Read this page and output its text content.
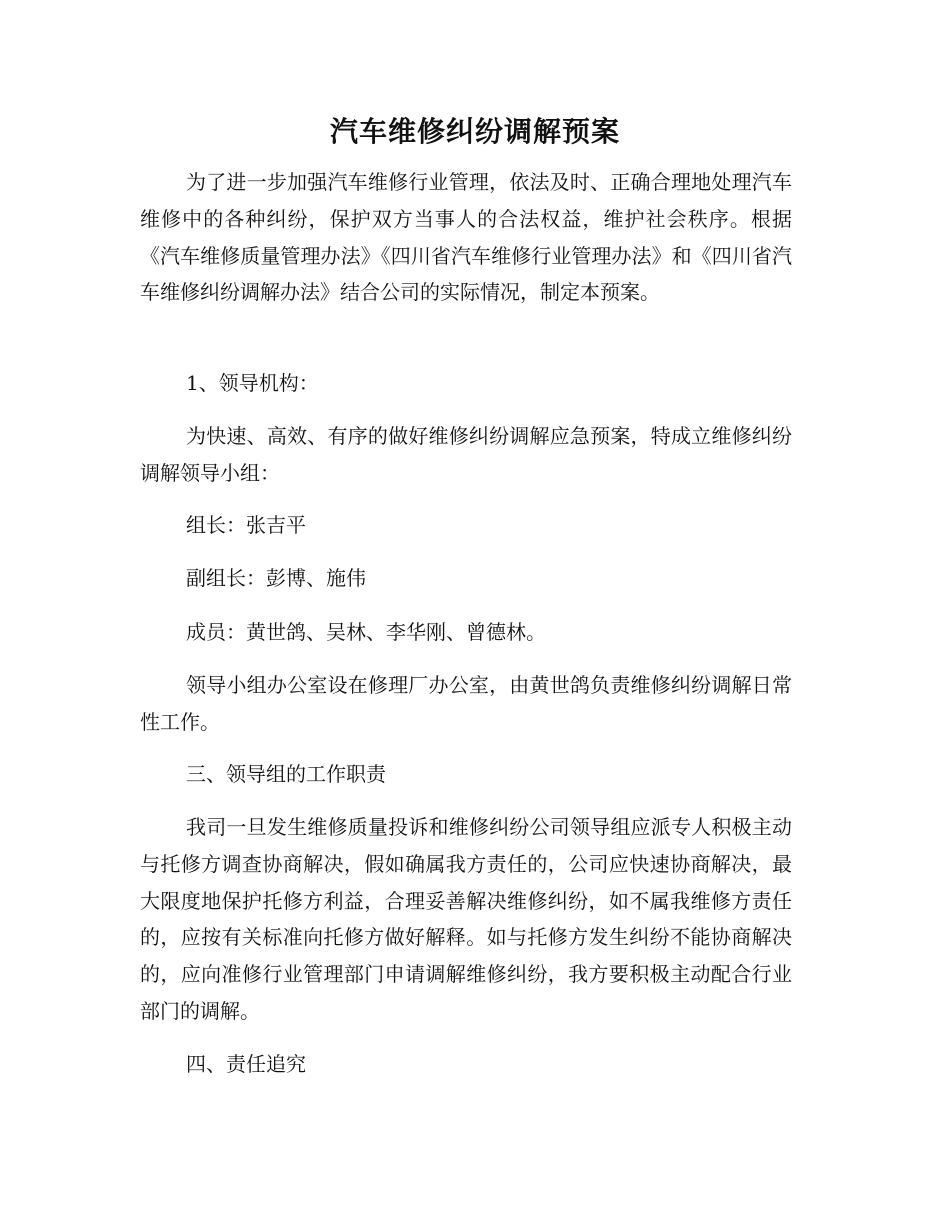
汽车维修纠纷调解预案

为了进一步加强汽车维修行业管理，依法及时、正确合理地处理汽车维修中的各种纠纷，保护双方当事人的合法权益，维护社会秩序。根据《汽车维修质量管理办法》《四川省汽车维修行业管理办法》和《四川省汽车维修纠纷调解办法》结合公司的实际情况，制定本预案。

1、领导机构：

为快速、高效、有序的做好维修纠纷调解应急预案，特成立维修纠纷调解领导小组：

组长：张吉平

副组长：彭博、施伟

成员：黄世鸽、吴林、李华刚、曾德林。

领导小组办公室设在修理厂办公室，由黄世鸽负责维修纠纷调解日常性工作。

三、领导组的工作职责

我司一旦发生维修质量投诉和维修纠纷公司领导组应派专人积极主动与托修方调查协商解决，假如确属我方责任的，公司应快速协商解决，最大限度地保护托修方利益，合理妥善解决维修纠纷，如不属我维修方责任的，应按有关标准向托修方做好解释。如与托修方发生纠纷不能协商解决的，应向准修行业管理部门申请调解维修纠纷，我方要积极主动配合行业部门的调解。

四、责任追究
